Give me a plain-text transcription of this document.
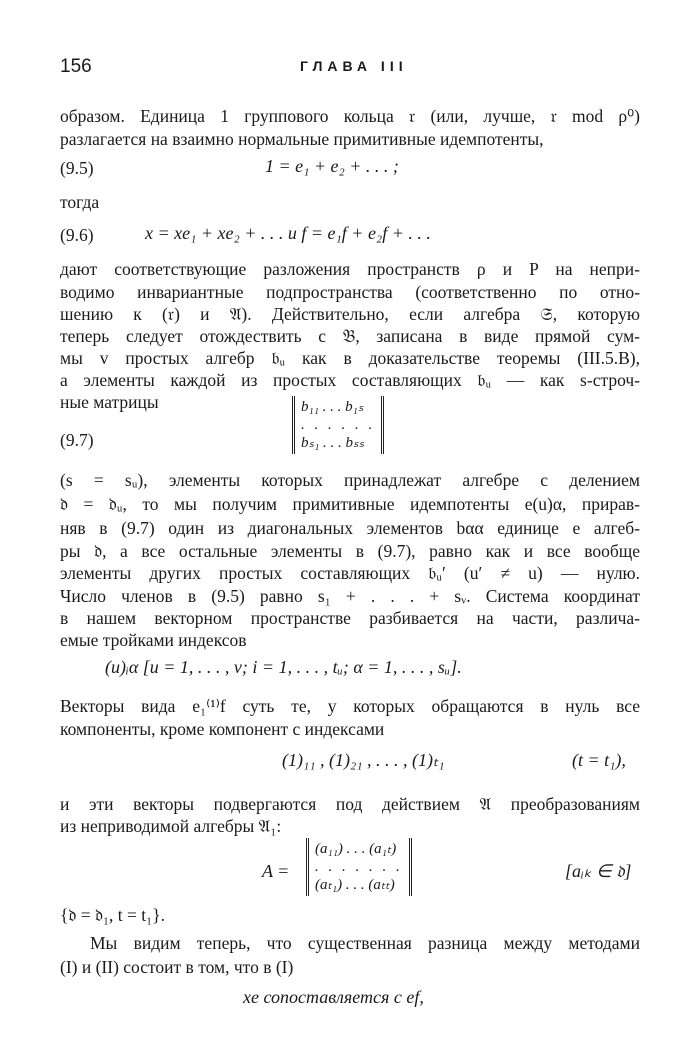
156	ГЛАВА III
образом. Единица 1 группового кольца 𝔯 (или, лучше, 𝔯 mod ρ⁰)
разлагается на взаимно нормальные примитивные идемпотенты,
(9.5)	1 = e₁ + e₂ + . . . ;
тогда
(9.6)	x = xe₁ + xe₂ + . . . и f = e₁f + e₂f + . . .
дают соответствующие разложения пространств ρ и P на непри-
водимо инвариантные подпространства (соответственно по отно-
шению к (𝔯) и 𝔄). Действительно, если алгебра 𝔖, которую
теперь следует отождествить с 𝔅, записана в виде прямой сум-
мы v простых алгебр 𝔟ᵤ как в доказательстве теоремы (III.5.B),
а элементы каждой из простых составляющих 𝔟ᵤ — как s-строч-
ные матрицы
(9.7)
b₁₁ . . . b₁ₛ
. . . . . .
bₛ₁ . . . bₛₛ
(s = sᵤ), элементы которых принадлежат алгебре с делением
𝔡 = 𝔡ᵤ, то мы получим примитивные идемпотенты e(u)α, прирав-
няв в (9.7) один из диагональных элементов bαα единице e алгеб-
ры 𝔡, а все остальные элементы в (9.7), равно как и все вообще
элементы других простых составляющих 𝔟ᵤ′ (u′ ≠ u) — нулю.
Число членов в (9.5) равно s₁ + . . . + sᵥ. Система координат
в нашем векторном пространстве разбивается на части, различа-
емые тройками индексов
(u)ᵢα [u = 1, . . . , v; i = 1, . . . , tᵤ; α = 1, . . . , sᵤ].
Векторы вида e₁⁽¹⁾f суть те, у которых обращаются в нуль все
компоненты, кроме компонент с индексами
(1)₁₁ , (1)₂₁ , . . . , (1)ₜ₁	(t = t₁),
и эти векторы подвергаются под действием 𝔄 преобразованиям
из неприводимой алгебры 𝔄₁:
A =
(a₁₁) . . . (a₁ₜ)
. . . . . . .
(aₜ₁) . . . (aₜₜ)
[aᵢₖ ∈ 𝔡]
{𝔡 = 𝔡₁, t = t₁}.
Мы видим теперь, что существенная разница между методами
(I) и (II) состоит в том, что в (I)
xe сопоставляется с ef,
